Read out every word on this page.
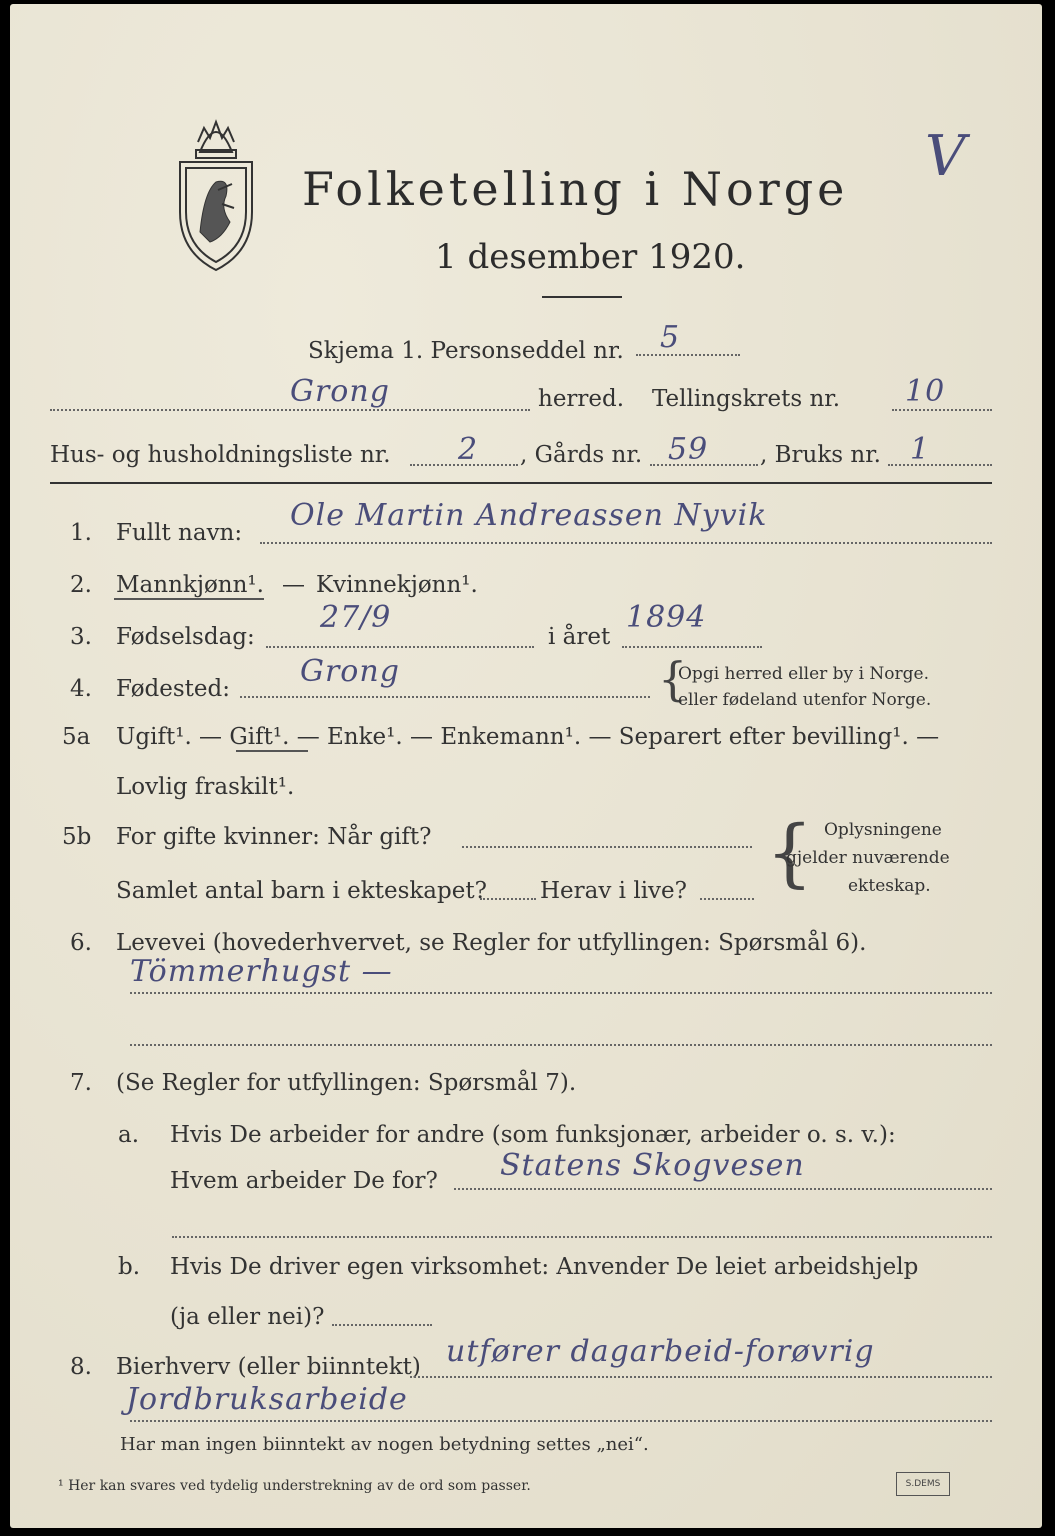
Folketelling i Norge V
1 desember 1920.
Skjema 1. Personseddel nr. 5
Grong	herred. Tellingskrets nr. 10
Hus- og husholdningsliste nr. 2 , Gårds nr. 59 , Bruks nr. 1
1. Fullt navn: Ole Martin Andreassen Nyvik
2. Mannkjønn¹. — Kvinnekjønn¹.
3. Fødselsdag:
27/9
i året
1894
4. Fødested: Grong	{
Opgi herred eller by i Norge.
eller fødeland utenfor Norge.
5a Ugift¹. — Gift¹. — Enke¹. — Enkemann¹. — Separert efter bevilling¹. —
Lovlig fraskilt¹.
5b For gifte kvinner: Når gift?
Samlet antal barn i ekteskapet? Herav i live? { Oplysningene
gjelder nuværende
ekteskap.
6. Levevei (hovederhvervet, se Regler for utfyllingen: Spørsmål 6).
Tömmerhugst —
7. (Se Regler for utfyllingen: Spørsmål 7).
a. Hvis De arbeider for andre (som funksjonær, arbeider o. s. v.):
Hvem arbeider De for? Statens Skogvesen
b. Hvis De driver egen virksomhet: Anvender De leiet arbeidshjelp
(ja eller nei)?
8. Bierhverv (eller biinntekt) utfører dagarbeid-forøvrig
Jordbruksarbeide
Har man ingen biinntekt av nogen betydning settes „nei“.
¹ Her kan svares ved tydelig understrekning av de ord som passer.	S.DEMS
